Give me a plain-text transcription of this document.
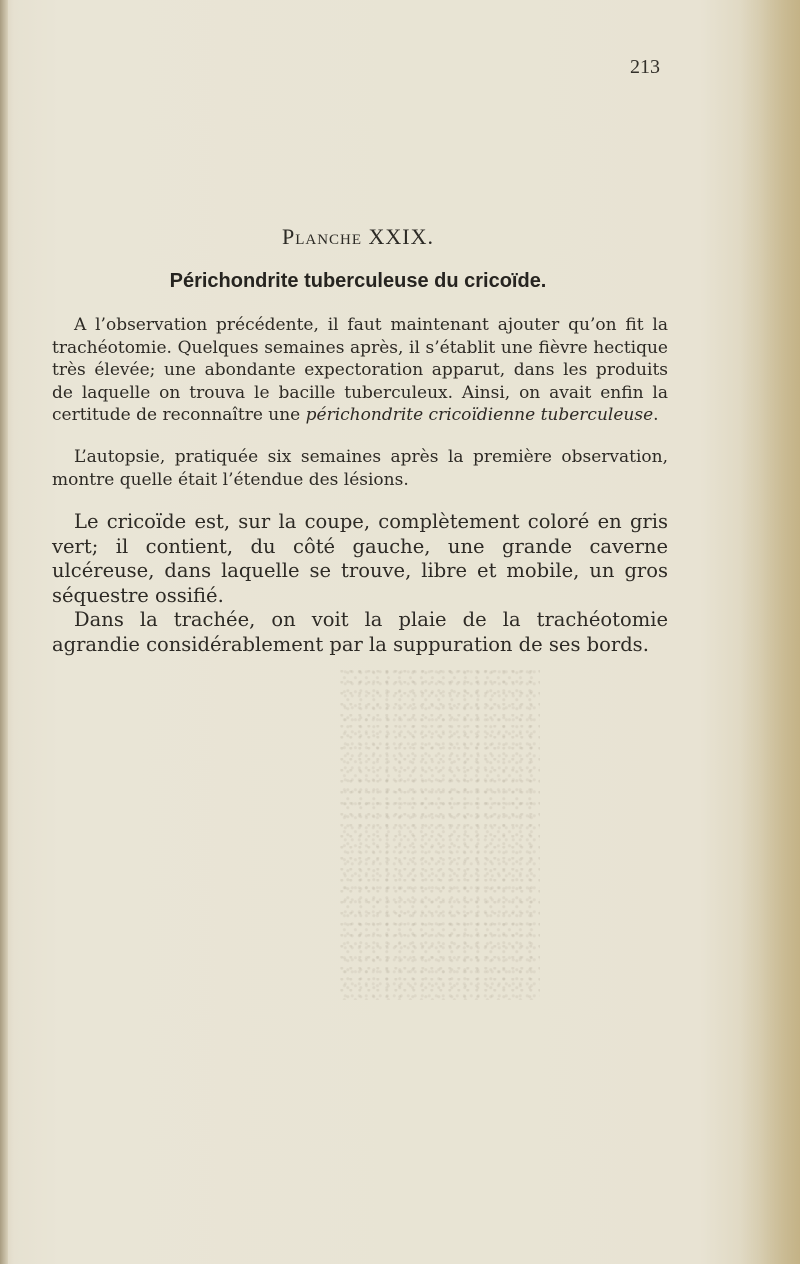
213
Planche XXIX.
Périchondrite tuberculeuse du cricoïde.

A l’observation précédente, il faut maintenant ajouter qu’on fit la trachéotomie. Quelques semaines après, il s’établit une fièvre hectique très élevée; une abondante expectoration apparut, dans les produits de laquelle on trouva le bacille tuberculeux. Ainsi, on avait enfin la certitude de reconnaître une périchondrite cricoïdienne tuberculeuse.

L’autopsie, pratiquée six semaines après la première observation, montre quelle était l’étendue des lésions.

Le cricoïde est, sur la coupe, complètement coloré en gris vert; il contient, du côté gauche, une grande caverne ulcéreuse, dans laquelle se trouve, libre et mobile, un gros séquestre ossifié.

Dans la trachée, on voit la plaie de la trachéotomie agrandie considérablement par la suppuration de ses bords.
